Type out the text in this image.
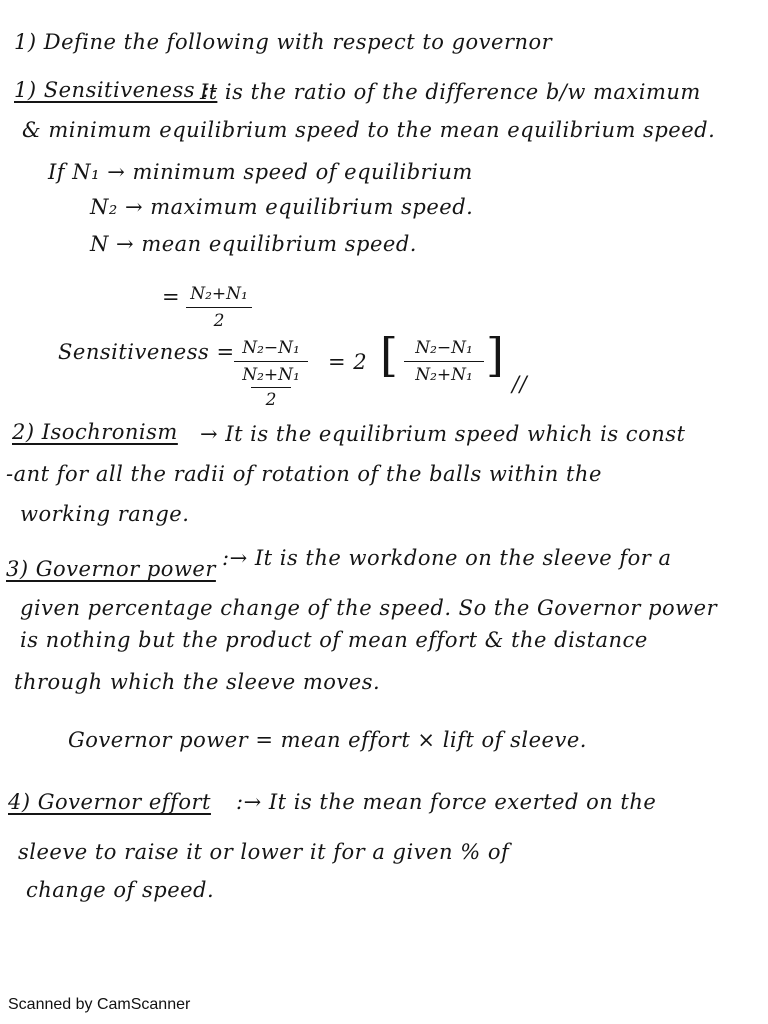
1) Define the following with respect to governor
1) Sensitiveness :-
It is the ratio of the difference b/w maximum
& minimum equilibrium speed to the mean equilibrium speed.
If N₁ → minimum speed of equilibrium
N₂ → maximum equilibrium speed.
N → mean equilibrium speed.
= N₂+N₁
2
Sensitiveness = N₂−N₁
N₂+N₁
2
= 2 [	N₂−N₁
N₂+N₁ ]
//
2) Isochronism → It is the equilibrium speed which is const
-ant for all the radii of rotation of the balls within the
working range.
3) Governor power :→ It is the workdone on the sleeve for a
given percentage change of the speed. So the Governor power
is nothing but the product of mean effort & the distance
through which the sleeve moves.
Governor power = mean effort × lift of sleeve.
4) Governor effort :→ It is the mean force exerted on the
sleeve to raise it or lower it for a given % of
change of speed.
Scanned by CamScanner
